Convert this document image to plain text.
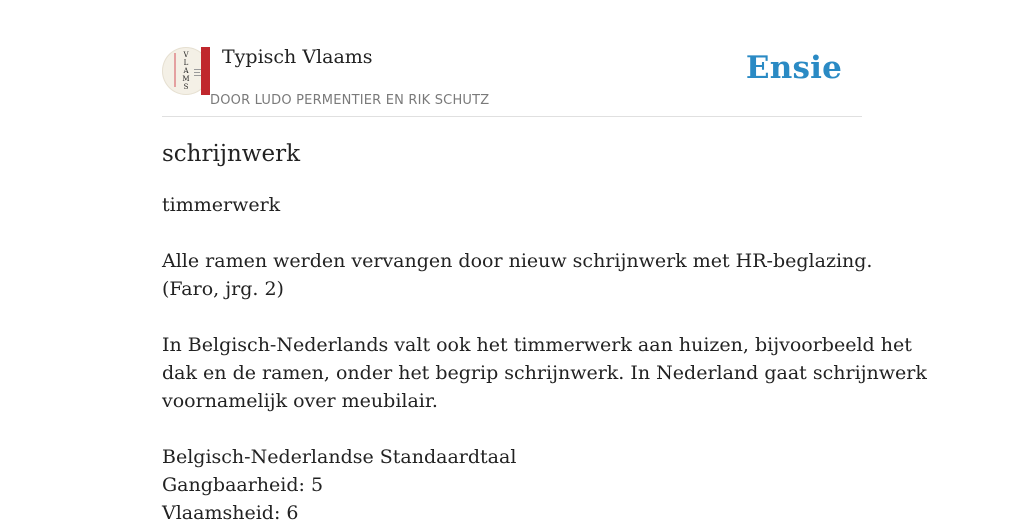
V
L
A
M
S
Typisch Vlaams
DOOR LUDO PERMENTIER EN RIK SCHUTZ
Ensie
schrijnwerk

timmerwerk

Alle ramen werden vervangen door nieuw schrijnwerk met HR-beglazing.
(Faro, jrg. 2)

In Belgisch-Nederlands valt ook het timmerwerk aan huizen, bijvoorbeeld het
dak en de ramen, onder het begrip schrijnwerk. In Nederland gaat schrijnwerk
voornamelijk over meubilair.

Belgisch-Nederlandse Standaardtaal
Gangbaarheid: 5
Vlaamsheid: 6
